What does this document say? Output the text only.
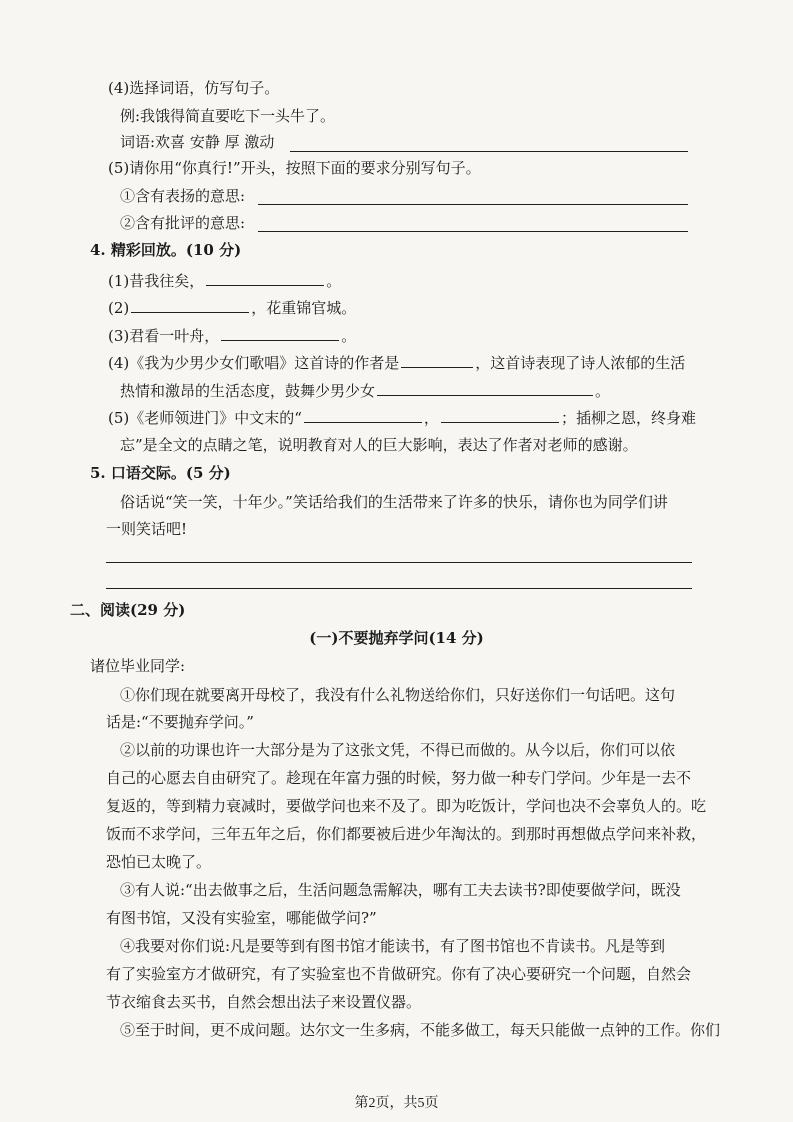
(4)选择词语，仿写句子。
例:我饿得简直要吃下一头牛了。
词语:欢喜 安静 厚 激动
(5)请你用“你真行!”开头，按照下面的要求分别写句子。
①含有表扬的意思:
②含有批评的意思:
4. 精彩回放。(10 分)
(1)昔我往矣，	。
(2)	，花重锦官城。
(3)君看一叶舟，	。
(4)《我为少男少女们歌唱》这首诗的作者是	，这首诗表现了诗人浓郁的生活
热情和激昂的生活态度，鼓舞少男少女	。
(5)《老师领进门》中文末的“	，	；插柳之恩，终身难
忘”是全文的点睛之笔，说明教育对人的巨大影响，表达了作者对老师的感谢。
5. 口语交际。(5 分)
俗话说“笑一笑，十年少。”笑话给我们的生活带来了许多的快乐，请你也为同学们讲
一则笑话吧!
二、阅读(29 分)
(一)不要抛弃学问(14 分)
诸位毕业同学:
①你们现在就要离开母校了，我没有什么礼物送给你们，只好送你们一句话吧。这句
话是:“不要抛弃学问。”
②以前的功课也许一大部分是为了这张文凭，不得已而做的。从今以后，你们可以依
自己的心愿去自由研究了。趁现在年富力强的时候，努力做一种专门学问。少年是一去不
复返的，等到精力衰减时，要做学问也来不及了。即为吃饭计，学问也决不会辜负人的。吃
饭而不求学问，三年五年之后，你们都要被后进少年淘汰的。到那时再想做点学问来补救，
恐怕已太晚了。
③有人说:“出去做事之后，生活问题急需解决，哪有工夫去读书?即使要做学问，既没
有图书馆，又没有实验室，哪能做学问?”
④我要对你们说:凡是要等到有图书馆才能读书，有了图书馆也不肯读书。凡是等到
有了实验室方才做研究，有了实验室也不肯做研究。你有了决心要研究一个问题，自然会
节衣缩食去买书，自然会想出法子来设置仪器。
⑤至于时间，更不成问题。达尔文一生多病，不能多做工，每天只能做一点钟的工作。你们
第2页，共5页
